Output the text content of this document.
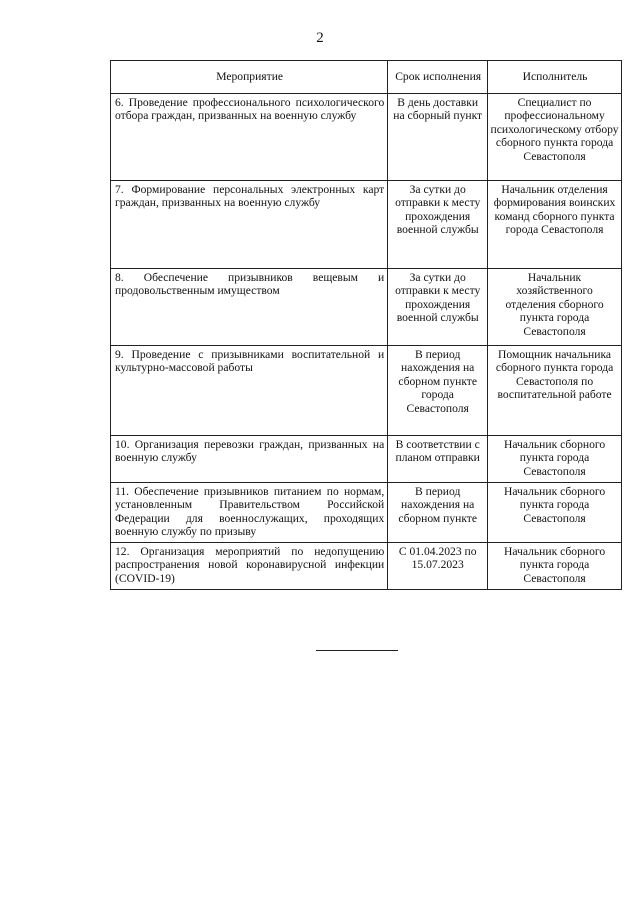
2
Мероприятие	Срок исполнения	Исполнитель
6. Проведение профессионального психологического отбора граждан, призванных на военную службу	В день доставки на сборный пункт	Специалист по профессиональному психологическому отбору сборного пункта города Севастополя
7. Формирование персональных электронных карт граждан, призванных на военную службу	За сутки до отправки к месту прохождения военной службы	Начальник отделения формирования воинских команд сборного пункта города Севастополя
8. Обеспечение призывников вещевым и продовольственным имуществом	За сутки до отправки к месту прохождения военной службы	Начальник хозяйственного отделения сборного пункта города Севастополя
9. Проведение с призывниками воспитательной и культурно-массовой работы	В период нахождения на сборном пункте города Севастополя	Помощник начальника сборного пункта города Севастополя по воспитательной работе
10. Организация перевозки граждан, призванных на военную службу	В соответствии с планом отправки	Начальник сборного пункта города Севастополя
11. Обеспечение призывников питанием по нормам, установленным Правительством Российской Федерации для военнослужащих, проходящих военную службу по призыву	В период нахождения на сборном пункте	Начальник сборного пункта города Севастополя
12. Организация мероприятий по недопущению распространения новой коронавирусной инфекции (COVID-19)	С 01.04.2023 по 15.07.2023	Начальник сборного пункта города Севастополя
